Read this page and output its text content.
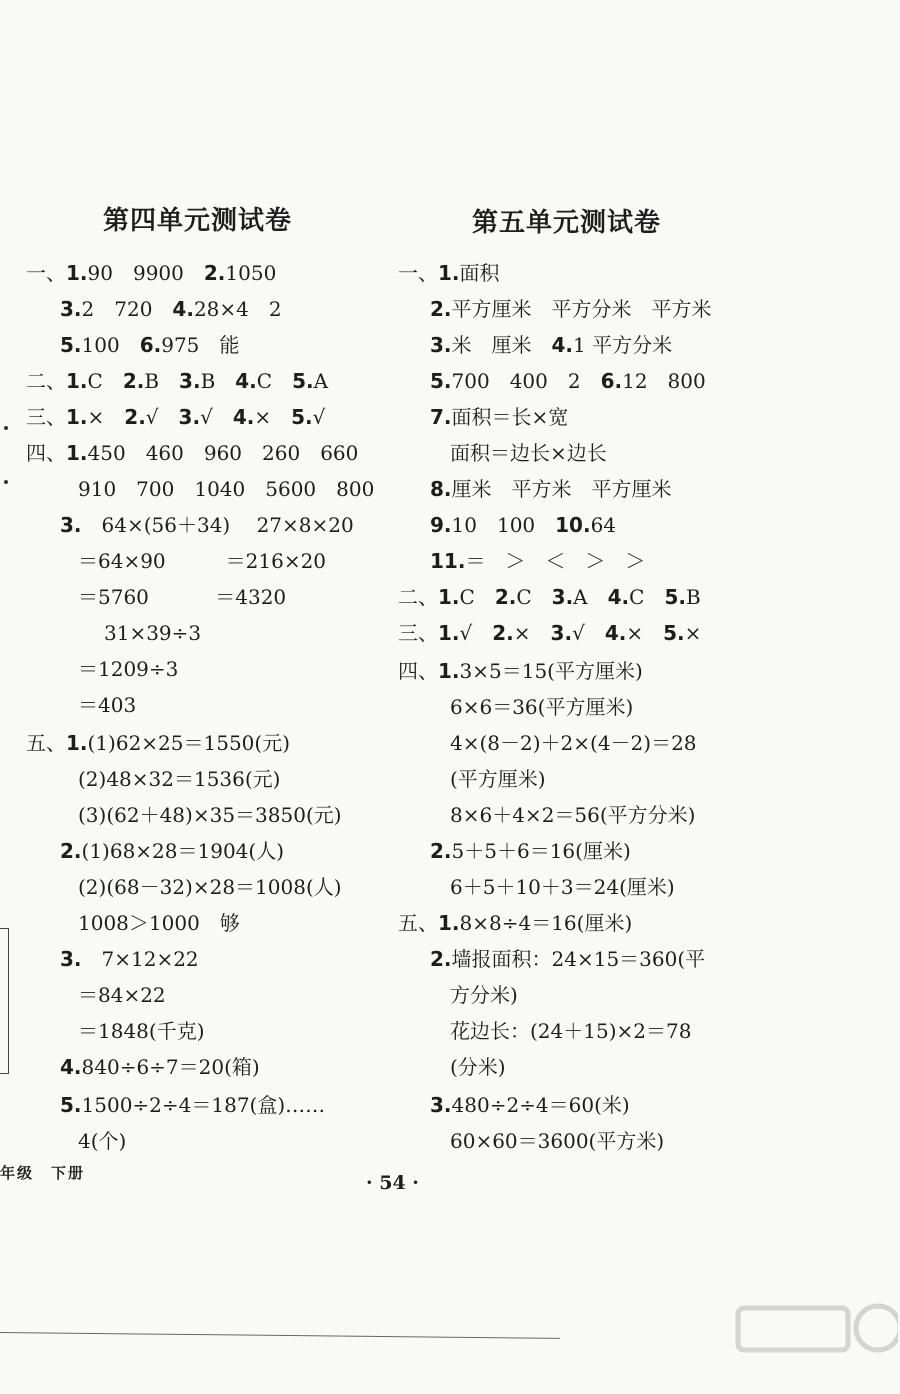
第四单元测试卷
一、1.90　9900　2.1050
3.2　720　4.28×4　2
5.100　6.975　能
二、1.C　2.B　3.B　4.C　5.A
三、1.×　2.√　3.√　4.×　5.√
四、1.450　460　960　260　660
910　700　1040　5600　800
3.　64×(56＋34)　 27×8×20
＝64×90　　　＝216×20
＝5760　　　 ＝4320
31×39÷3
＝1209÷3
＝403
五、1.(1)62×25＝1550(元)
(2)48×32＝1536(元)
(3)(62＋48)×35＝3850(元)
2.(1)68×28＝1904(人)
(2)(68－32)×28＝1008(人)
1008＞1000　够
3.　7×12×22
＝84×22
＝1848(千克)
4.840÷6÷7＝20(箱)
5.1500÷2÷4＝187(盒)……
4(个)
第五单元测试卷
一、1.面积
2.平方厘米　平方分米　平方米
3.米　厘米　4.1 平方分米
5.700　400　2　6.12　800
7.面积＝长×宽
面积＝边长×边长
8.厘米　平方米　平方厘米
9.10　100　10.64
11.＝　＞　＜　＞　＞
二、1.C　2.C　3.A　4.C　5.B
三、1.√　2.×　3.√　4.×　5.×
四、1.3×5＝15(平方厘米)
6×6＝36(平方厘米)
4×(8－2)＋2×(4－2)＝28
(平方厘米)
8×6＋4×2＝56(平方分米)
2.5＋5＋6＝16(厘米)
6＋5＋10＋3＝24(厘米)
五、1.8×8÷4＝16(厘米)
2.墙报面积：24×15＝360(平
方分米)
花边长：(24＋15)×2＝78
(分米)
3.480÷2÷4＝60(米)
60×60＝3600(平方米)
年级　下册	· 54 ·
